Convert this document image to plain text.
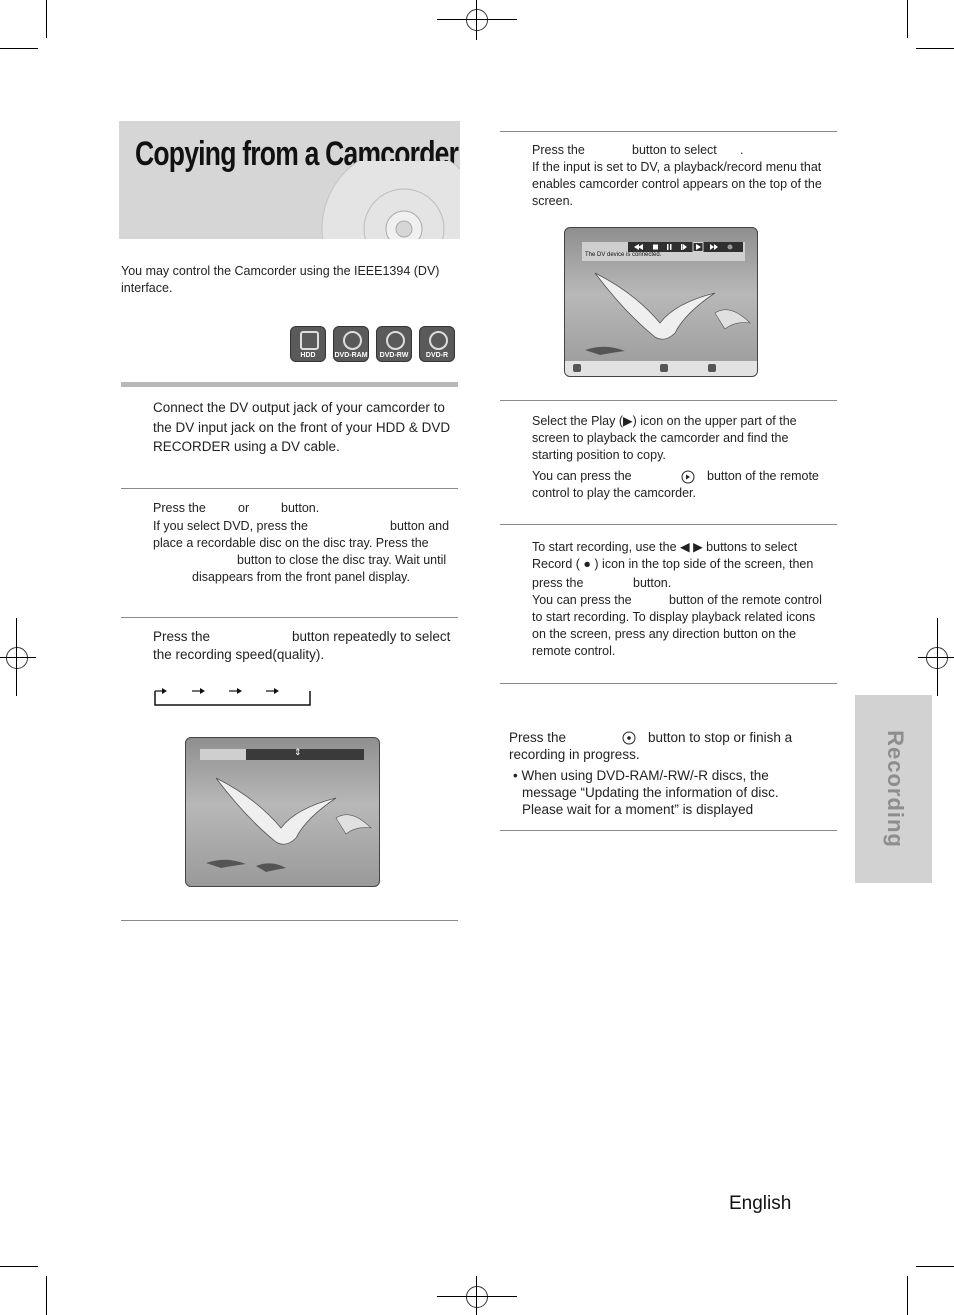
Copying from a Camcorder
You may control the Camcorder using the IEEE1394 (DV) interface.
HDD	DVD-RAM	DVD-RW	DVD-R
Connect the DV output jack of your camcorder to the DV input jack on the front of your HDD & DVD RECORDER using a DV cable.
Press the	or	button.
If you select DVD, press the	button and
place a recordable disc on the disc tray. Press the
button to close the disc tray. Wait until
disappears from the front panel display.
Press the	button repeatedly to select
the recording speed(quality).
⇕
Press the	button to select .
If the input is set to DV, a playback/record menu that
enables camcorder control appears on the top of the
screen.
The DV device is connected.
Select the Play (▶) icon on the upper part of the
screen to playback the camcorder and find the
starting position to copy.
You can press the	button of the remote
control to play the camcorder.
To start recording, use the ◀ ▶ buttons to select
Record ( ● ) icon in the top side of the screen, then
press the	button.
You can press the	button of the remote control
to start recording. To display playback related icons
on the screen, press any direction button on the
remote control.
Press the	button to stop or finish a
recording in progress.
• When using DVD-RAM/-RW/-R discs, the
message “Updating the information of disc.
Please wait for a moment” is displayed	Recording
English
